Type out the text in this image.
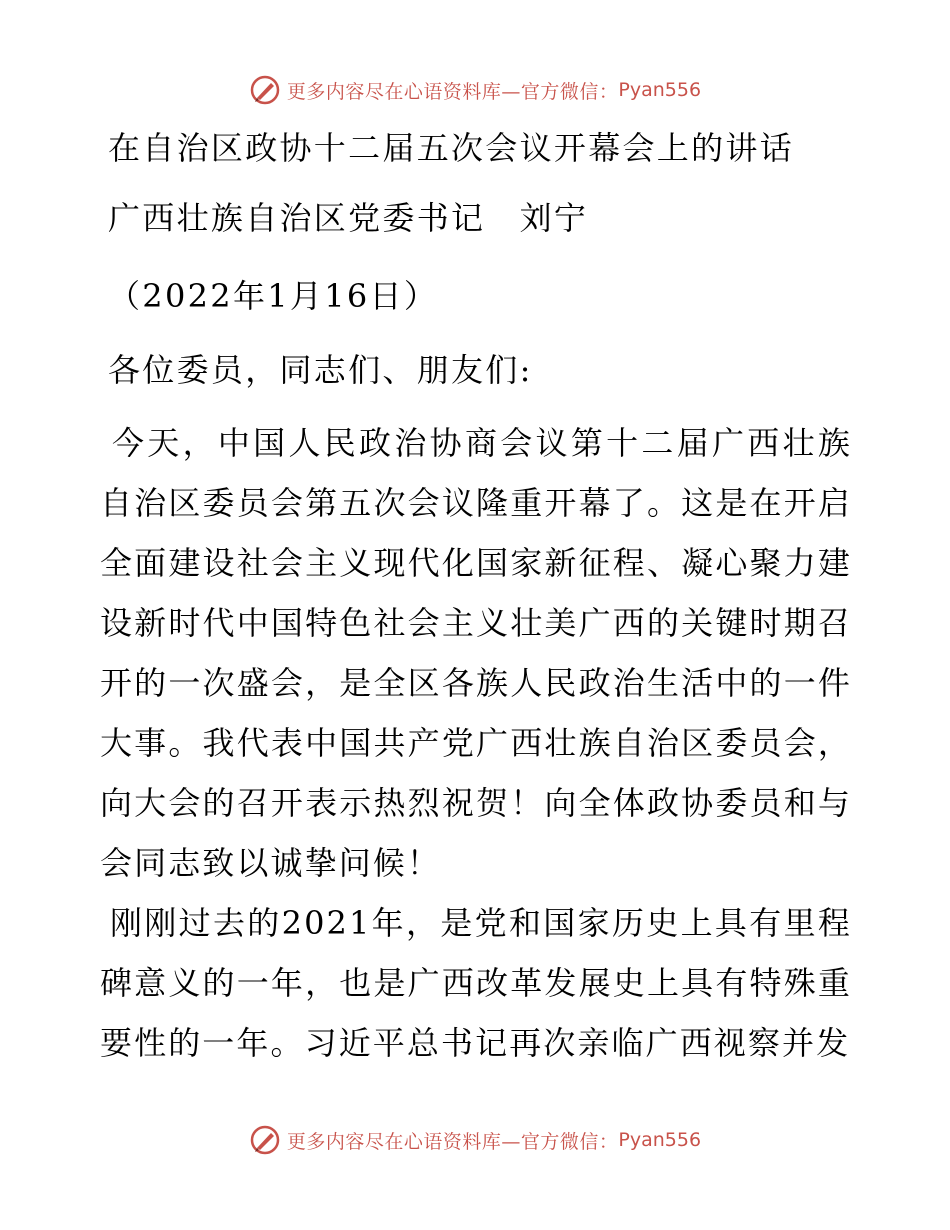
更多内容尽在心语资料库—官方微信： Pyan556
在自治区政协十二届五次会议开幕会上的讲话
广西壮族自治区党委书记　刘宁
（2022年1月16日）
各位委员，同志们、朋友们:
今天，中国人民政治协商会议第十二届广西壮族自治区委员会第五次会议隆重开幕了。这是在开启全面建设社会主义现代化国家新征程、凝心聚力建设新时代中国特色社会主义壮美广西的关键时期召开的一次盛会，是全区各族人民政治生活中的一件大事。我代表中国共产党广西壮族自治区委员会，向大会的召开表示热烈祝贺！向全体政协委员和与会同志致以诚挚问候！
刚刚过去的2021年，是党和国家历史上具有里程碑意义的一年，也是广西改革发展史上具有特殊重要性的一年。习近平总书记再次亲临广西视察并发
更多内容尽在心语资料库—官方微信： Pyan556
